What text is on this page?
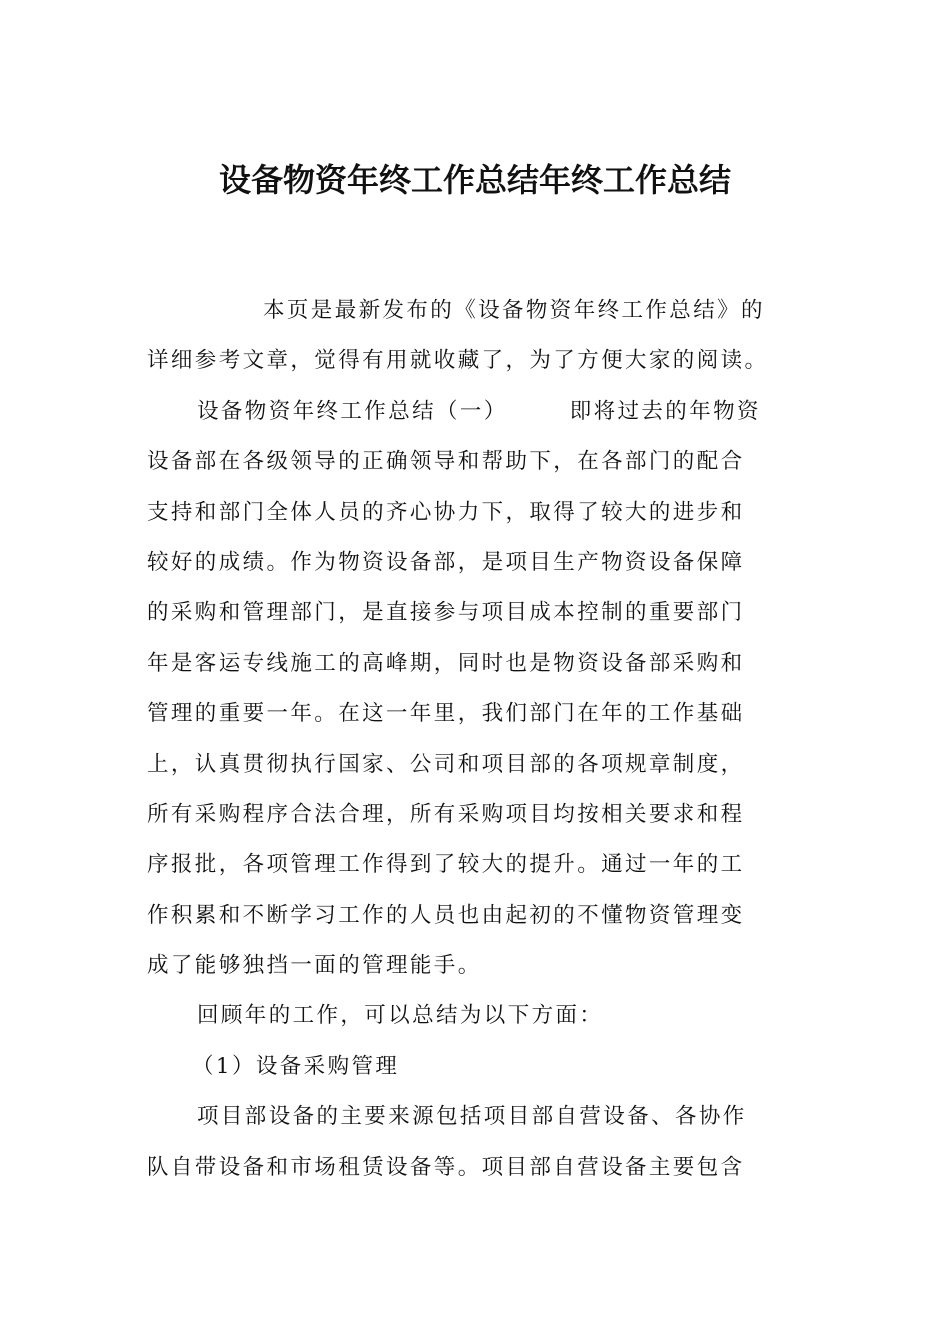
设备物资年终工作总结年终工作总结
本页是最新发布的《设备物资年终工作总结》的
详细参考文章，觉得有用就收藏了，为了方便大家的阅读。
设备物资年终工作总结（一）	即将过去的年物资
设备部在各级领导的正确领导和帮助下，在各部门的配合
支持和部门全体人员的齐心协力下，取得了较大的进步和
较好的成绩。作为物资设备部，是项目生产物资设备保障
的采购和管理部门，是直接参与项目成本控制的重要部门
年是客运专线施工的高峰期，同时也是物资设备部采购和
管理的重要一年。在这一年里，我们部门在年的工作基础
上，认真贯彻执行国家、公司和项目部的各项规章制度，
所有采购程序合法合理，所有采购项目均按相关要求和程
序报批，各项管理工作得到了较大的提升。通过一年的工
作积累和不断学习工作的人员也由起初的不懂物资管理变
成了能够独挡一面的管理能手。
回顾年的工作，可以总结为以下方面：
（1）设备采购管理
项目部设备的主要来源包括项目部自营设备、各协作
队自带设备和市场租赁设备等。项目部自营设备主要包含
